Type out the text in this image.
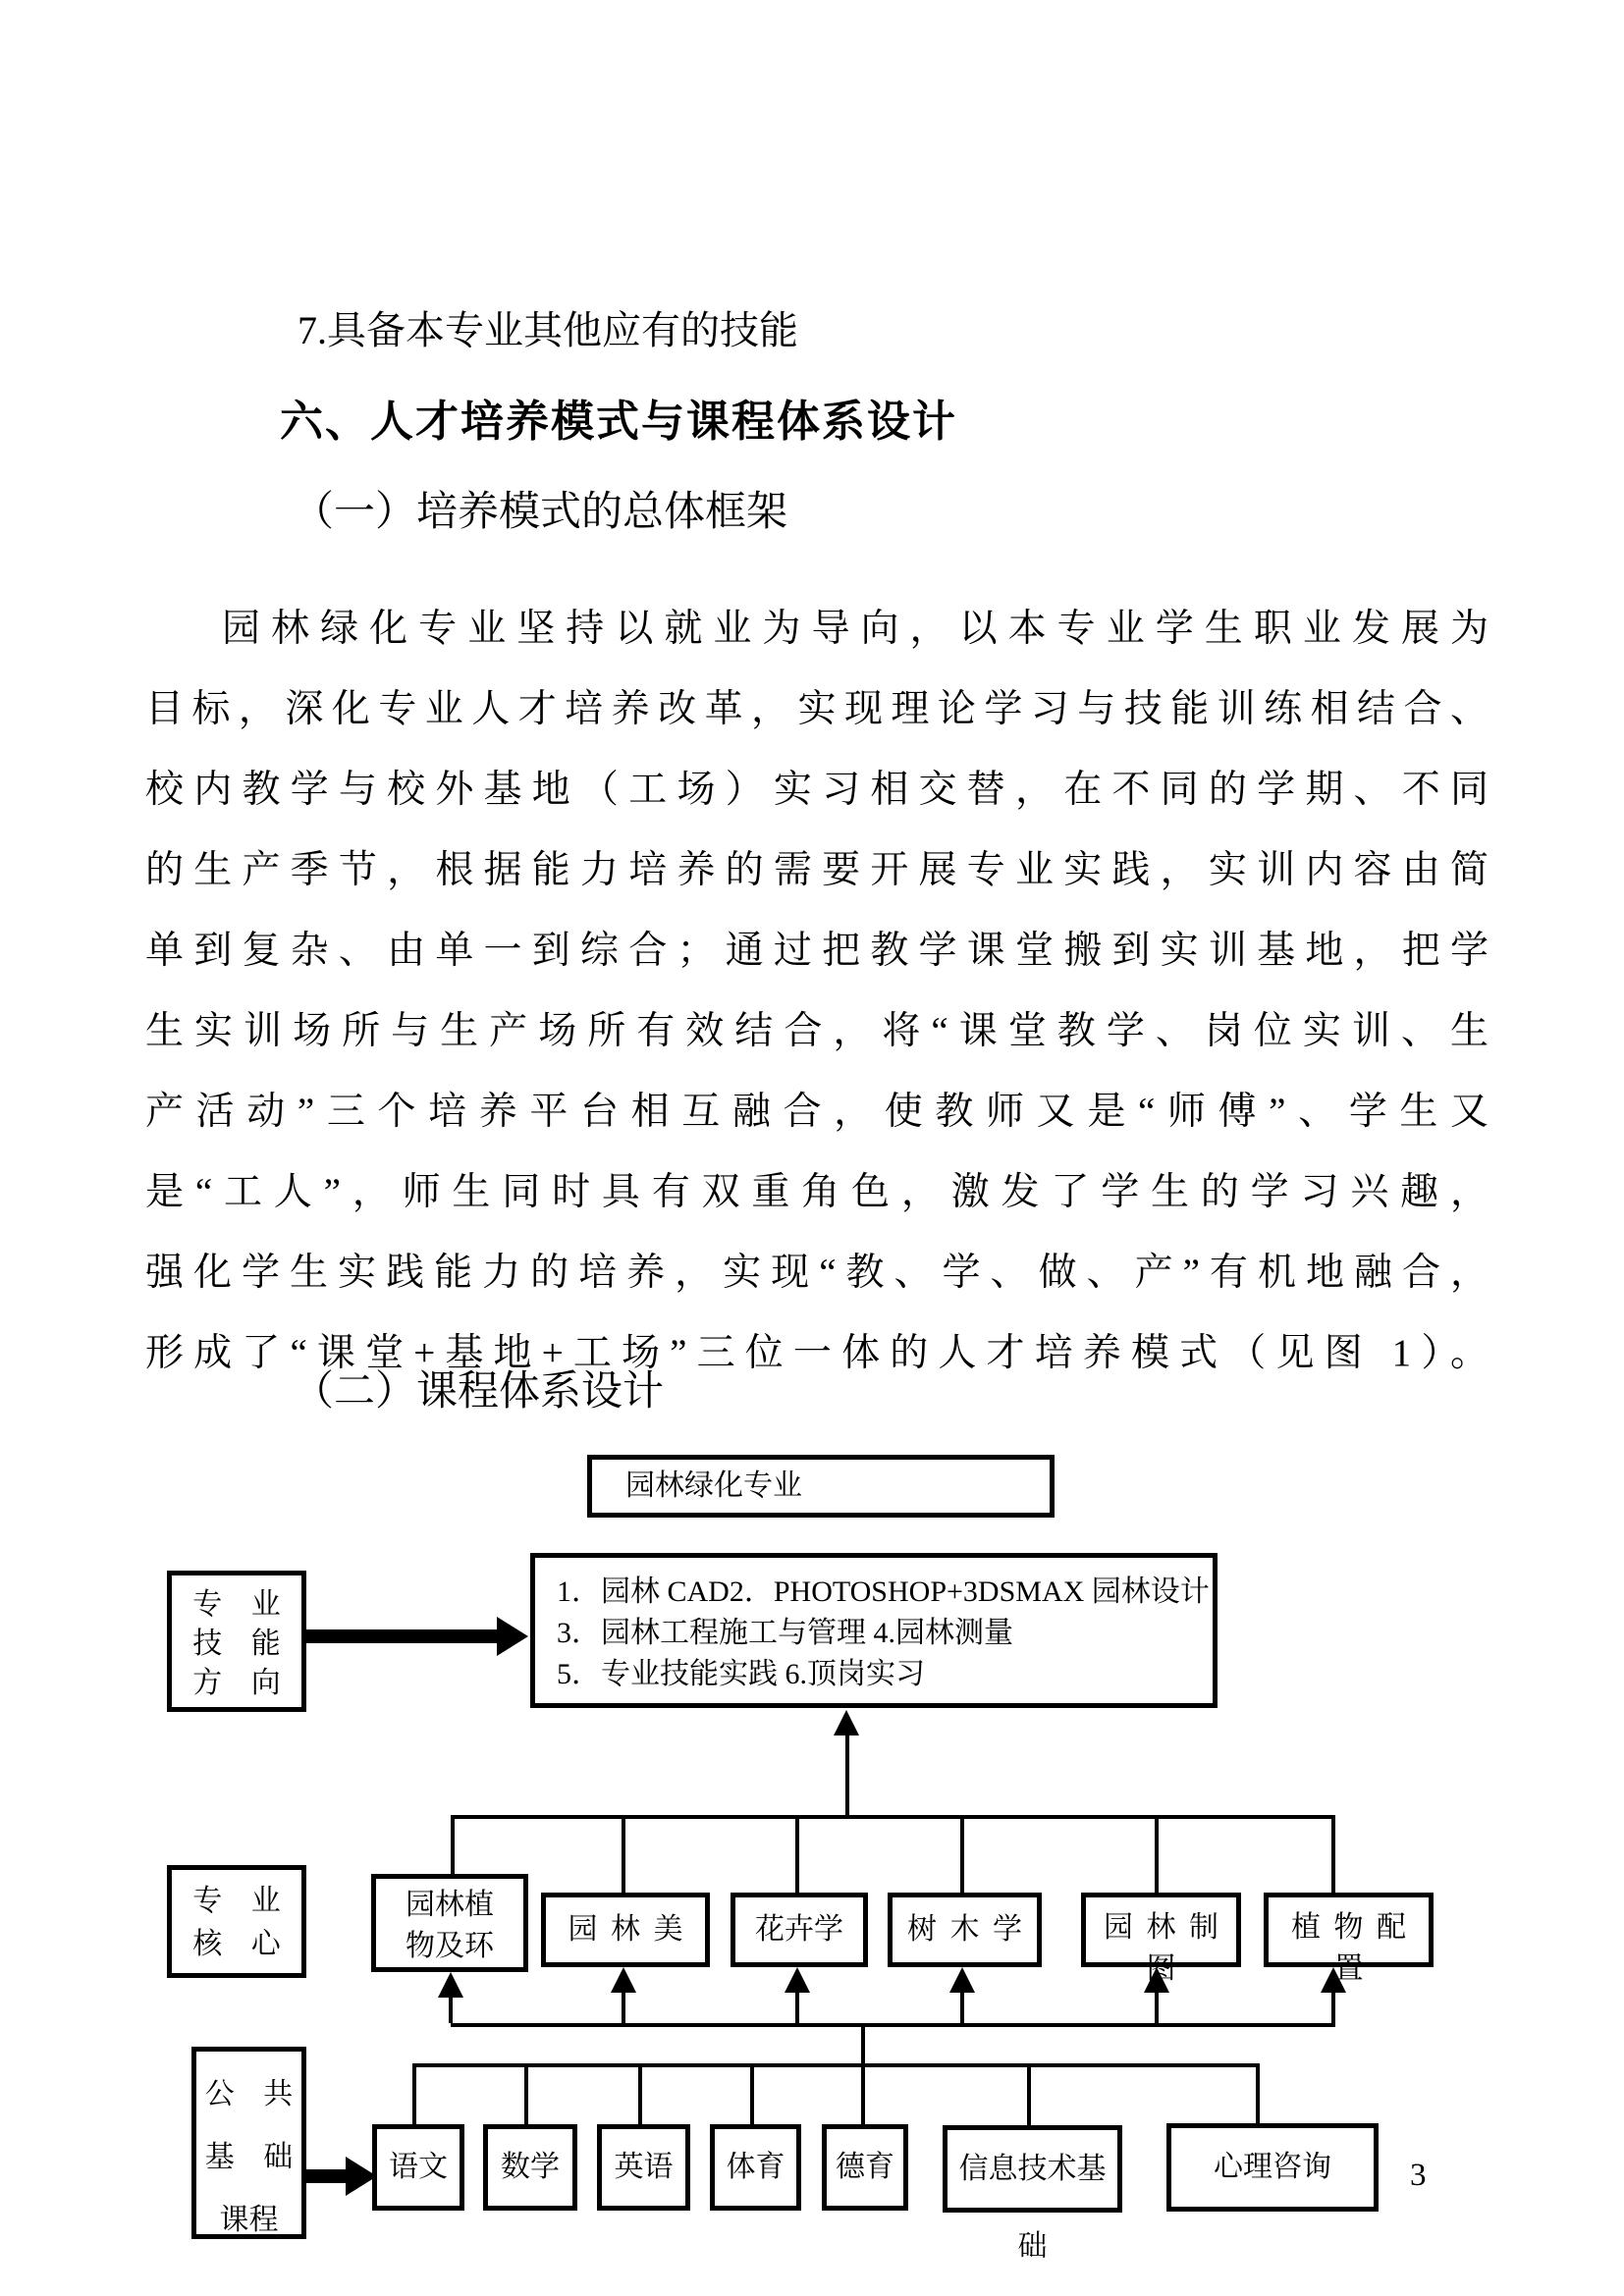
7.具备本专业其他应有的技能
六、人才培养模式与课程体系设计
（一）培养模式的总体框架
园林绿化专业坚持以就业为导向，以本专业学生职业发展为
目标，深化专业人才培养改革，实现理论学习与技能训练相结合、
校内教学与校外基地（工场）实习相交替，在不同的学期、不同
的生产季节，根据能力培养的需要开展专业实践，实训内容由简
单到复杂、由单一到综合；通过把教学课堂搬到实训基地，把学
生实训场所与生产场所有效结合，将“课堂教学、岗位实训、生
产活动”三个培养平台相互融合，使教师又是“师傅”、学生又
是“工人”，师生同时具有双重角色，激发了学生的学习兴趣，
强化学生实践能力的培养，实现“教、学、做、产”有机地融合，
形成了“课堂+基地+工场”三位一体的人才培养模式（见图 1）。
（二）课程体系设计
园林绿化专业
专 业
技 能
方 向
1．园林 CAD2．PHOTOSHOP+3DSMAX 园林设计
3．园林工程施工与管理 4.园林测量
5．专业技能实践 6.顶岗实习
专 业
核 心
园林植
物及环
园 林 美	花卉学	树 木 学	园 林 制
图
植 物 配
置
公 共
基 础
课程
语文	数学	英语	体育	德育	信息技术基础
心理咨询	3
